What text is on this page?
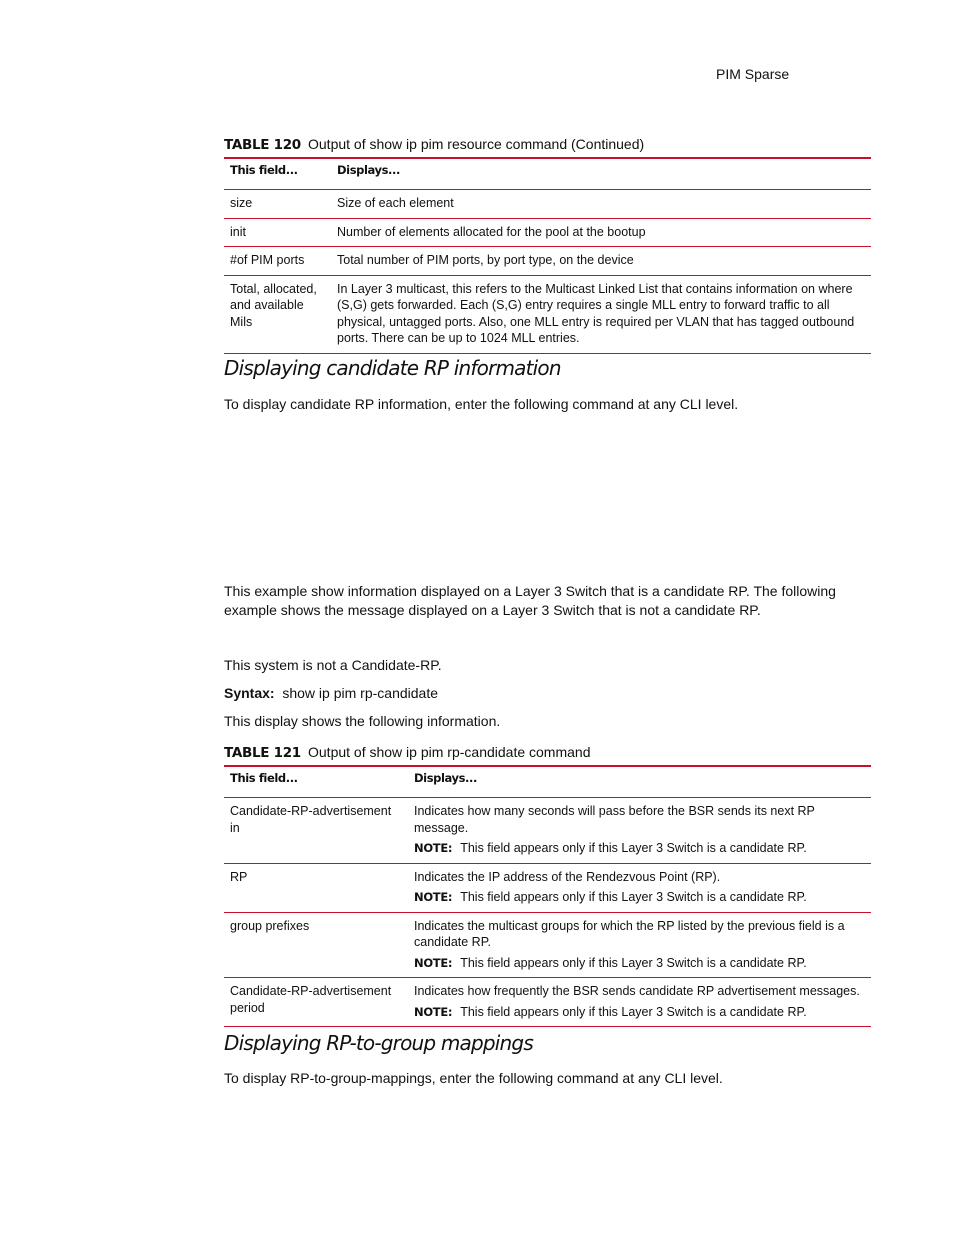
PIM Sparse
TABLE 120 Output of show ip pim resource command (Continued)
This field...	Displays...
size	Size of each element
init	Number of elements allocated for the pool at the bootup
#of PIM ports	Total number of PIM ports, by port type, on the device
Total, allocated, and available Mils	In Layer 3 multicast, this refers to the Multicast Linked List that contains information on where (S,G) gets forwarded. Each (S,G) entry requires a single MLL entry to forward traffic to all physical, untagged ports. Also, one MLL entry is required per VLAN that has tagged outbound ports. There can be up to 1024 MLL entries.
Displaying candidate RP information

To display candidate RP information, enter the following command at any CLI level.

This example show information displayed on a Layer 3 Switch that is a candidate RP. The following example shows the message displayed on a Layer 3 Switch that is not a candidate RP.

This system is not a Candidate-RP.

Syntax: show ip pim rp-candidate

This display shows the following information.

TABLE 121 Output of show ip pim rp-candidate command
This field...	Displays...
Candidate-RP-advertisement in	Indicates how many seconds will pass before the BSR sends its next RP message.
NOTE: This field appears only if this Layer 3 Switch is a candidate RP.

RP	Indicates the IP address of the Rendezvous Point (RP).
NOTE: This field appears only if this Layer 3 Switch is a candidate RP.

group prefixes	Indicates the multicast groups for which the RP listed by the previous field is a candidate RP.
NOTE: This field appears only if this Layer 3 Switch is a candidate RP.

Candidate-RP-advertisement period	Indicates how frequently the BSR sends candidate RP advertisement messages.
NOTE: This field appears only if this Layer 3 Switch is a candidate RP.
Displaying RP-to-group mappings

To display RP-to-group-mappings, enter the following command at any CLI level.
